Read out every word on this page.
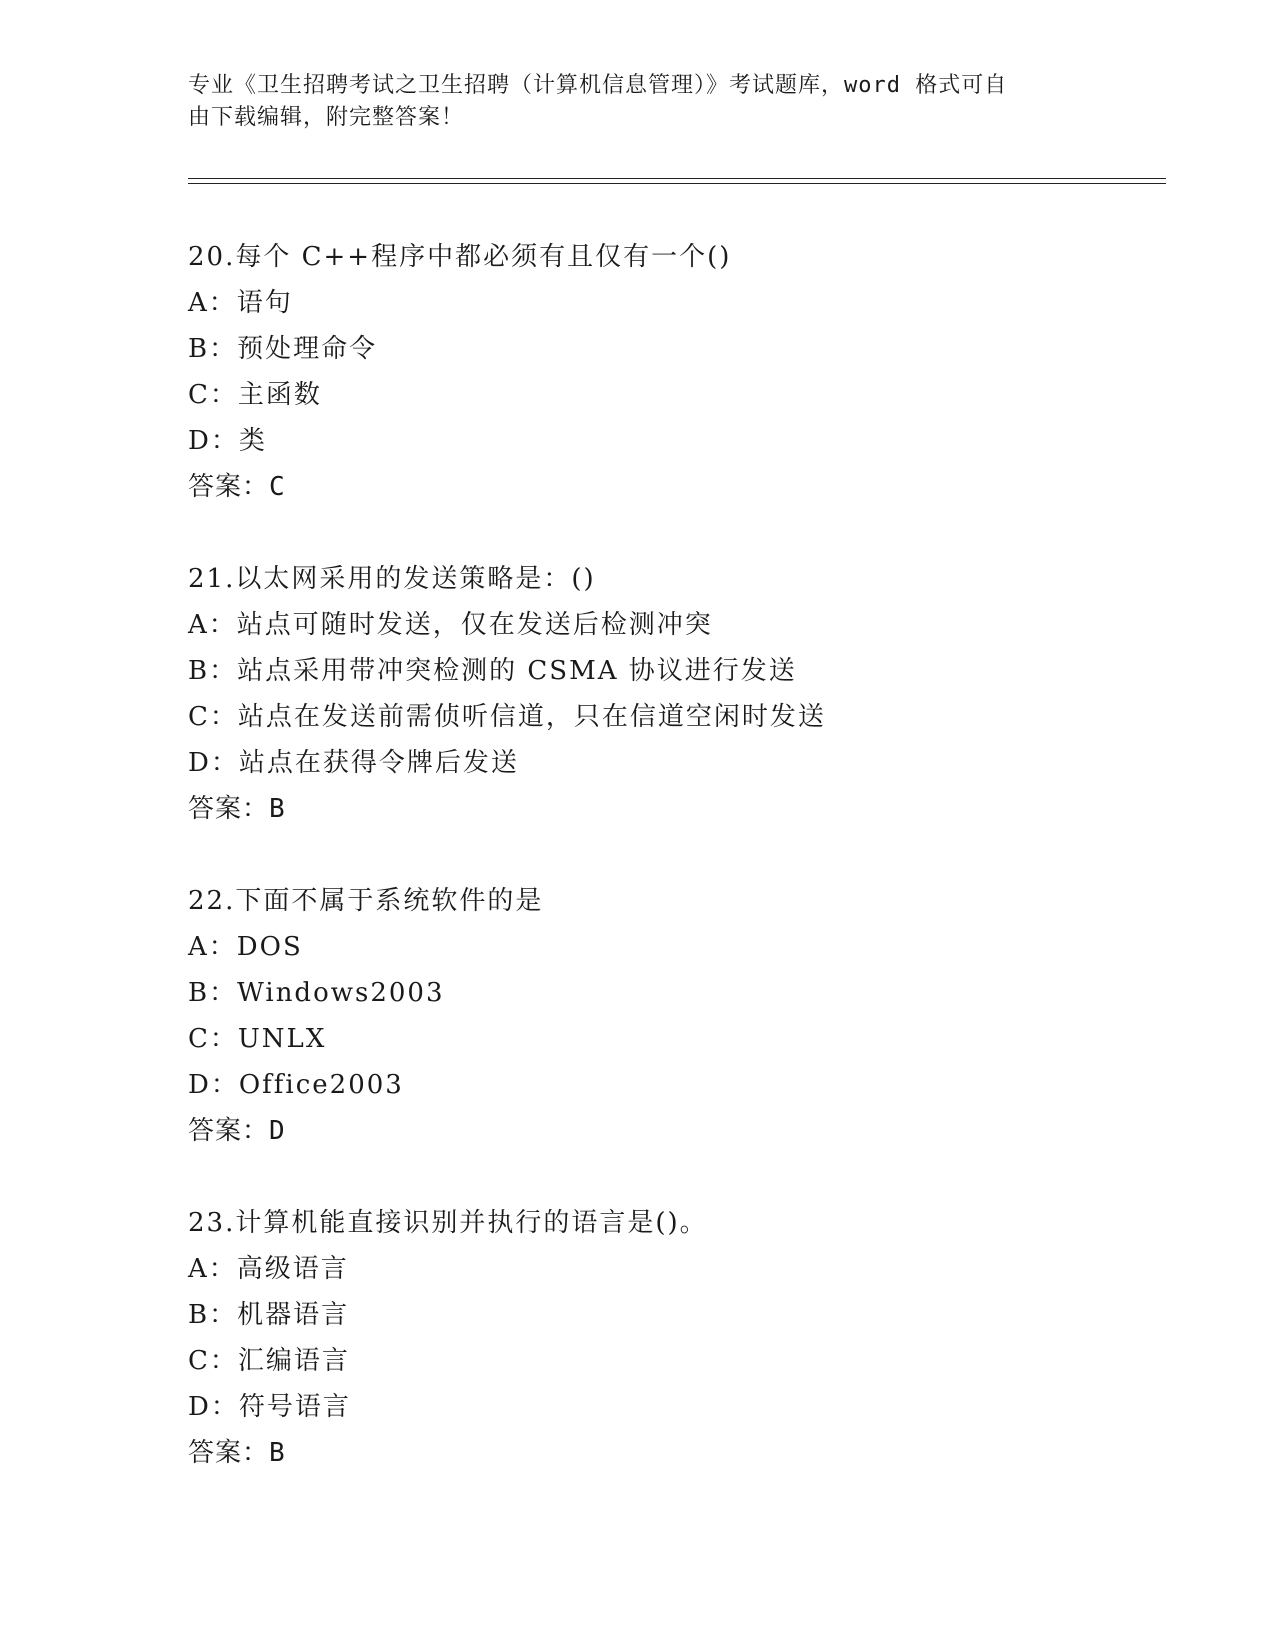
专业《卫生招聘考试之卫生招聘（计算机信息管理）》考试题库，word 格式可自
由下载编辑，附完整答案！
20.每个 C++程序中都必须有且仅有一个()
A：语句
B：预处理命令
C：主函数
D：类
答案：C
21.以太网采用的发送策略是：()
A：站点可随时发送，仅在发送后检测冲突
B：站点采用带冲突检测的 CSMA 协议进行发送
C：站点在发送前需侦听信道，只在信道空闲时发送
D：站点在获得令牌后发送
答案：B
22.下面不属于系统软件的是
A：DOS
B：Windows2003
C：UNLX
D：Office2003
答案：D
23.计算机能直接识别并执行的语言是()。
A：高级语言
B：机器语言
C：汇编语言
D：符号语言
答案：B
